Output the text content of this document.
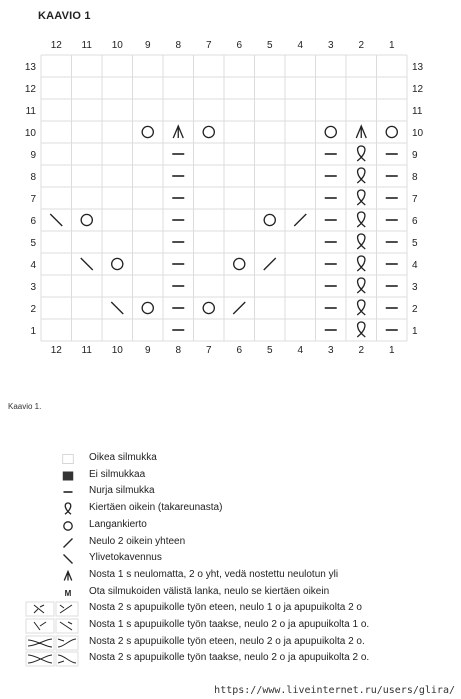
KAAVIO 1
12
12
11
11
10
10
9
9
8
8
7
7
6
6
5
5
4
4
3
3
2
2
1
1
13	13
12	12
11	11
10	10
9	9
8	8
7	7
6	6
5	5
4	4
3	3
2	2
1	1
Kaavio 1.
Oikea silmukka
Ei silmukkaa
Nurja silmukka
Kiertäen oikein (takareunasta)
Langankierto
Neulo 2 oikein yhteen
Ylivetokavennus
Nosta 1 s neulomatta, 2 o yht, vedä nostettu neulotun yli
M Ota silmukoiden välistä lanka, neulo se kiertäen oikein
Nosta 2 s apupuikolle työn eteen, neulo 1 o ja apupuikolta 2 o
Nosta 1 s apupuikolle työn taakse, neulo 2 o ja apupuikolta 1 o.
Nosta 2 s apupuikolle työn eteen, neulo 2 o ja apupuikolta 2 o.
Nosta 2 s apupuikolle työn taakse, neulo 2 o ja apupuikolta 2 o.
https://www.liveinternet.ru/users/glira/
